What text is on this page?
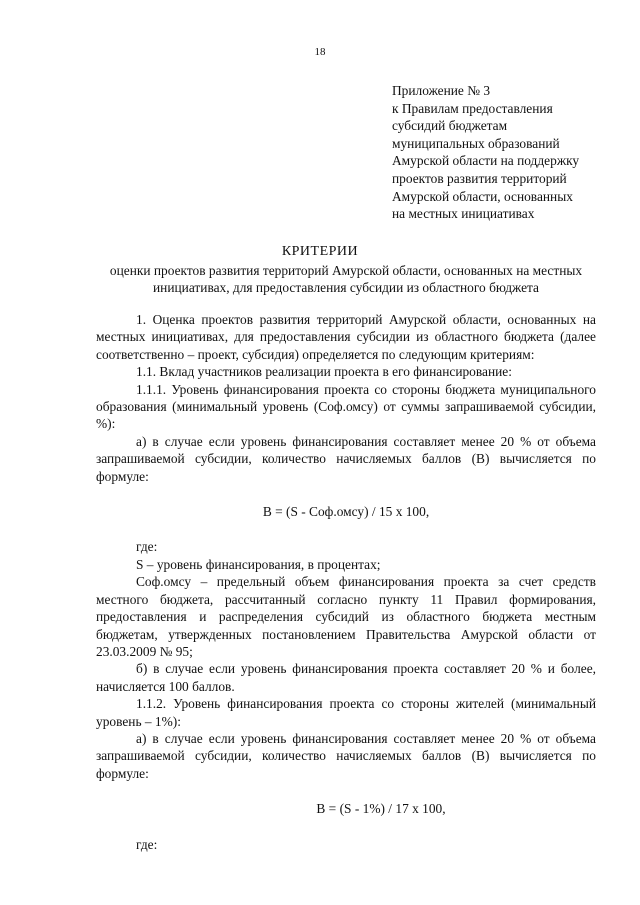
18
Приложение № 3
к Правилам предоставления
субсидий бюджетам
муниципальных образований
Амурской области на поддержку
проектов развития территорий
Амурской области, основанных
на местных инициативах
КРИТЕРИИ
оценки проектов развития территорий Амурской области, основанных на местных инициативах, для предоставления субсидии из областного бюджета

1. Оценка проектов развития территорий Амурской области, основанных на местных инициативах, для предоставления субсидии из областного бюджета (далее соответственно – проект, субсидия) определяется по следующим критериям:

1.1. Вклад участников реализации проекта в его финансирование:

1.1.1. Уровень финансирования проекта со стороны бюджета муниципального образования (минимальный уровень (Соф.омсу) от суммы запрашиваемой субсидии, %):

а) в случае если уровень финансирования составляет менее 20 % от объема запрашиваемой субсидии, количество начисляемых баллов (В) вычисляется по формуле:

В = (S - Соф.омсу) / 15 х 100,

где:

S – уровень финансирования, в процентах;

Соф.омсу – предельный объем финансирования проекта за счет средств местного бюджета, рассчитанный согласно пункту 11 Правил формирования, предоставления и распределения субсидий из областного бюджета местным бюджетам, утвержденных постановлением Правительства Амурской области от 23.03.2009 № 95;

б) в случае если уровень финансирования проекта составляет 20 % и более, начисляется 100 баллов.

1.1.2. Уровень финансирования проекта со стороны жителей (минимальный уровень – 1%):

а) в случае если уровень финансирования составляет менее 20 % от объема запрашиваемой субсидии, количество начисляемых баллов (В) вычисляется по формуле:

В = (S - 1%) / 17 х 100,

где:
